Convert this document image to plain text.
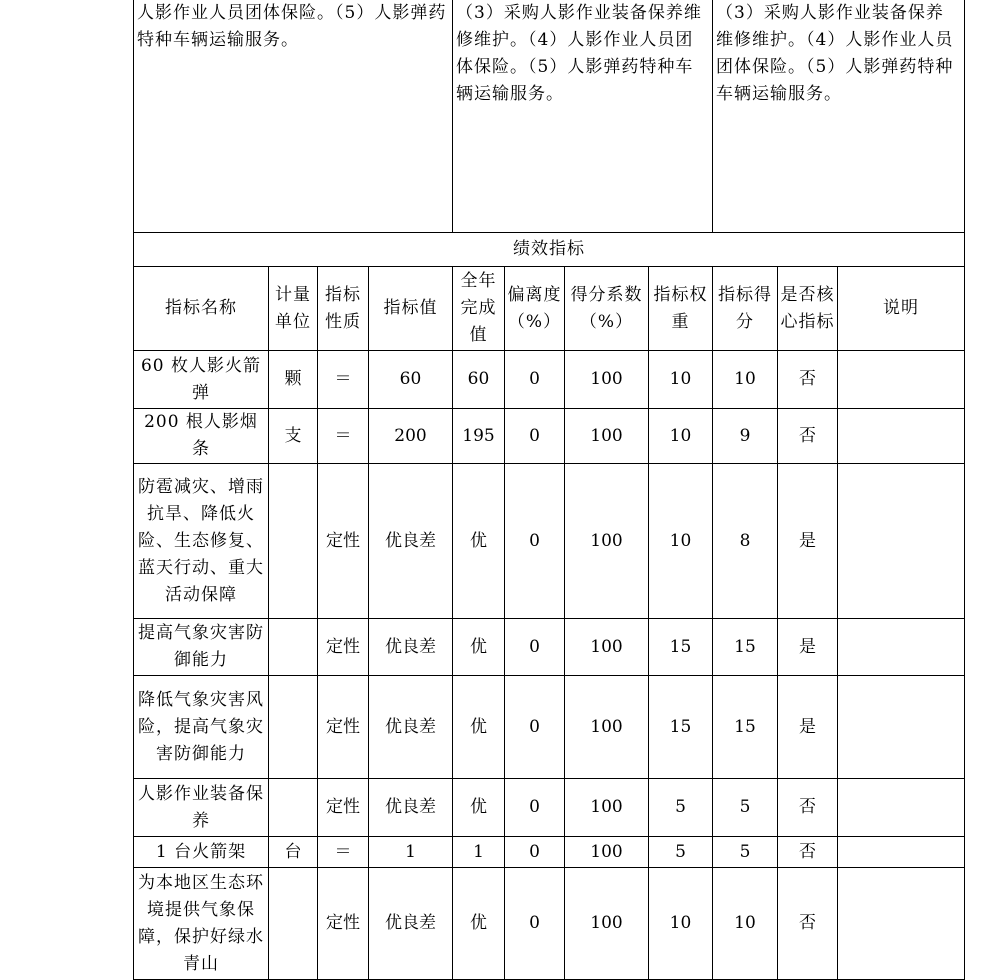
人影作业人员团体保险。（5）人影弹药特种车辆运输服务。				（3）采购人影作业装备保养维修维护。（4）人影作业人员团体保险。（5）人影弹药特种车辆运输服务。				（3）采购人影作业装备保养维修维护。（4）人影作业人员团体保险。（5）人影弹药特种车辆运输服务。		
绩效指标										
指标名称	计量单位	指标性质	指标值	全年完成值	偏离度（%）	得分系数（%）	指标权重	指标得分	是否核心指标	说明
60 枚人影火箭弹	颗	＝	60	60	0	100	10	10	否	
200 根人影烟条	支	＝	200	195	0	100	10	9	否	
防雹减灾、增雨抗旱、降低火险、生态修复、蓝天行动、重大活动保障		定性	优良差	优	0	100	10	8	是	
提高气象灾害防御能力		定性	优良差	优	0	100	15	15	是	
降低气象灾害风险，提高气象灾害防御能力		定性	优良差	优	0	100	15	15	是	
人影作业装备保养		定性	优良差	优	0	100	5	5	否	
1 台火箭架	台	＝	1	1	0	100	5	5	否	
为本地区生态环境提供气象保障，保护好绿水青山		定性	优良差	优	0	100	10	10	否	
